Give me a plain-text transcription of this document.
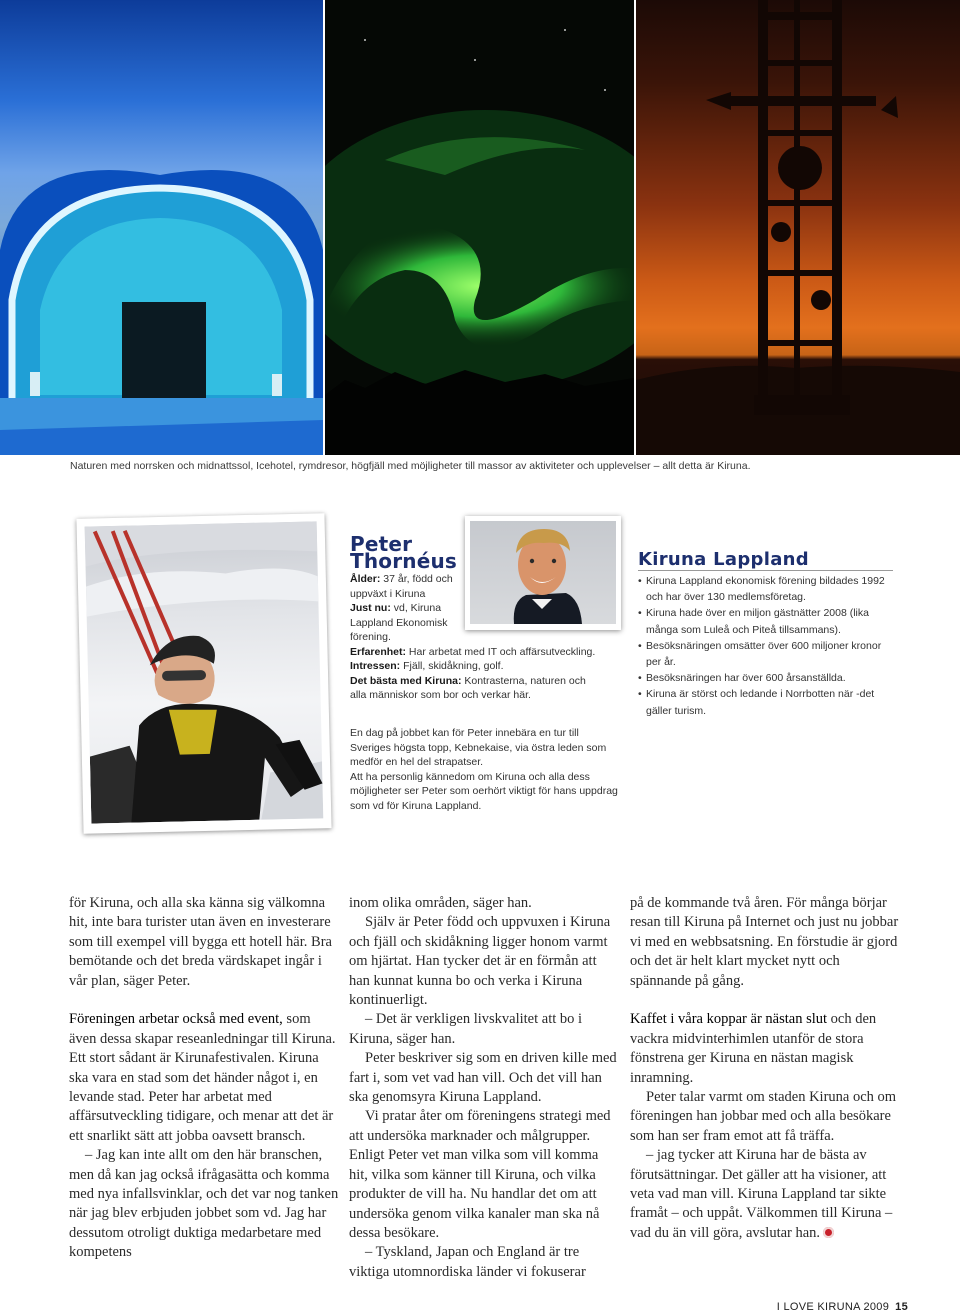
Naturen med norrsken och midnattssol, Icehotel, rymdresor, högfjäll med möjligheter till massor av aktiviteter och upplevelser – allt detta är Kiruna.
Peter
Thornéus
Ålder: 37 år, född och
uppväxt i Kiruna
Just nu: vd, Kiruna
Lappland Ekonomisk
förening.
Erfarenhet: Har arbetat med IT och affärsutveckling.
Intressen: Fjäll, skidåkning, golf.
Det bästa med Kiruna: Kontrasterna, naturen och
alla människor som bor och verkar här.

En dag på jobbet kan för Peter innebära en tur till Sveriges högsta topp, Kebnekaise, via östra leden som medför en hel del strapatser.

Att ha personlig kännedom om Kiruna och alla dess möjligheter ser Peter som oerhört viktigt för hans uppdrag som vd för Kiruna Lappland.

Kiruna Lappland
• Kiruna Lappland ekonomisk förening bildades 1992 och har över 130 medlemsföretag.
• Kiruna hade över en miljon gästnätter 2008 (lika många som Luleå och Piteå tillsammans).
• Besöksnäringen omsätter över 600 miljoner kronor per år.
• Besöksnäringen har över 600 årsanställda.
• Kiruna är störst och ledande i Norrbotten när -det gäller turism.

för Kiruna, och alla ska känna sig välkomna hit, inte bara turister utan även en investerare som till exempel vill bygga ett hotell här. Bra bemötande och det breda värdskapet ingår i vår plan, säger Peter.

Föreningen arbetar också med event, som även dessa skapar reseanledningar till Kiruna. Ett stort sådant är Kirunafestivalen. Kiruna ska vara en stad som det händer något i, en levande stad. Peter har arbetat med affärsutveckling tidigare, och menar att det är ett snarlikt sätt att jobba oavsett bransch.

– Jag kan inte allt om den här branschen, men då kan jag också ifrågasätta och komma med nya infallsvinklar, och det var nog tanken när jag blev erbjuden jobbet som vd. Jag har dessutom otroligt duktiga medarbetare med kompetens

inom olika områden, säger han.

Själv är Peter född och uppvuxen i Kiruna och fjäll och skidåkning ligger honom varmt om hjärtat. Han tycker det är en förmån att han kunnat kunna bo och verka i Kiruna kontinuerligt.

– Det är verkligen livskvalitet att bo i Kiruna, säger han.

Peter beskriver sig som en driven kille med fart i, som vet vad han vill. Och det vill han ska genomsyra Kiruna Lappland.

Vi pratar åter om föreningens strategi med att undersöka marknader och målgrupper. Enligt Peter vet man vilka som vill komma hit, vilka som känner till Kiruna, och vilka produkter de vill ha. Nu handlar det om att undersöka genom vilka kanaler man ska nå dessa besökare.

– Tyskland, Japan och England är tre viktiga utomnordiska länder vi fokuserar

på de kommande två åren. För många börjar resan till Kiruna på Internet och just nu jobbar vi med en webbsatsning. En förstudie är gjord och det är helt klart mycket nytt och spännande på gång.

Kaffet i våra koppar är nästan slut och den vackra midvinterhimlen utanför de stora fönstrena ger Kiruna en nästan magisk inramning.

Peter talar varmt om staden Kiruna och om föreningen han jobbar med och alla besökare som han ser fram emot att få träffa.

– jag tycker att Kiruna har de bästa av förutsättningar. Det gäller att ha visioner, att veta vad man vill. Kiruna Lappland tar sikte framåt – och uppåt. Välkommen till Kiruna – vad du än vill göra, avslutar han.

I LOVE KIRUNA 2009 15
